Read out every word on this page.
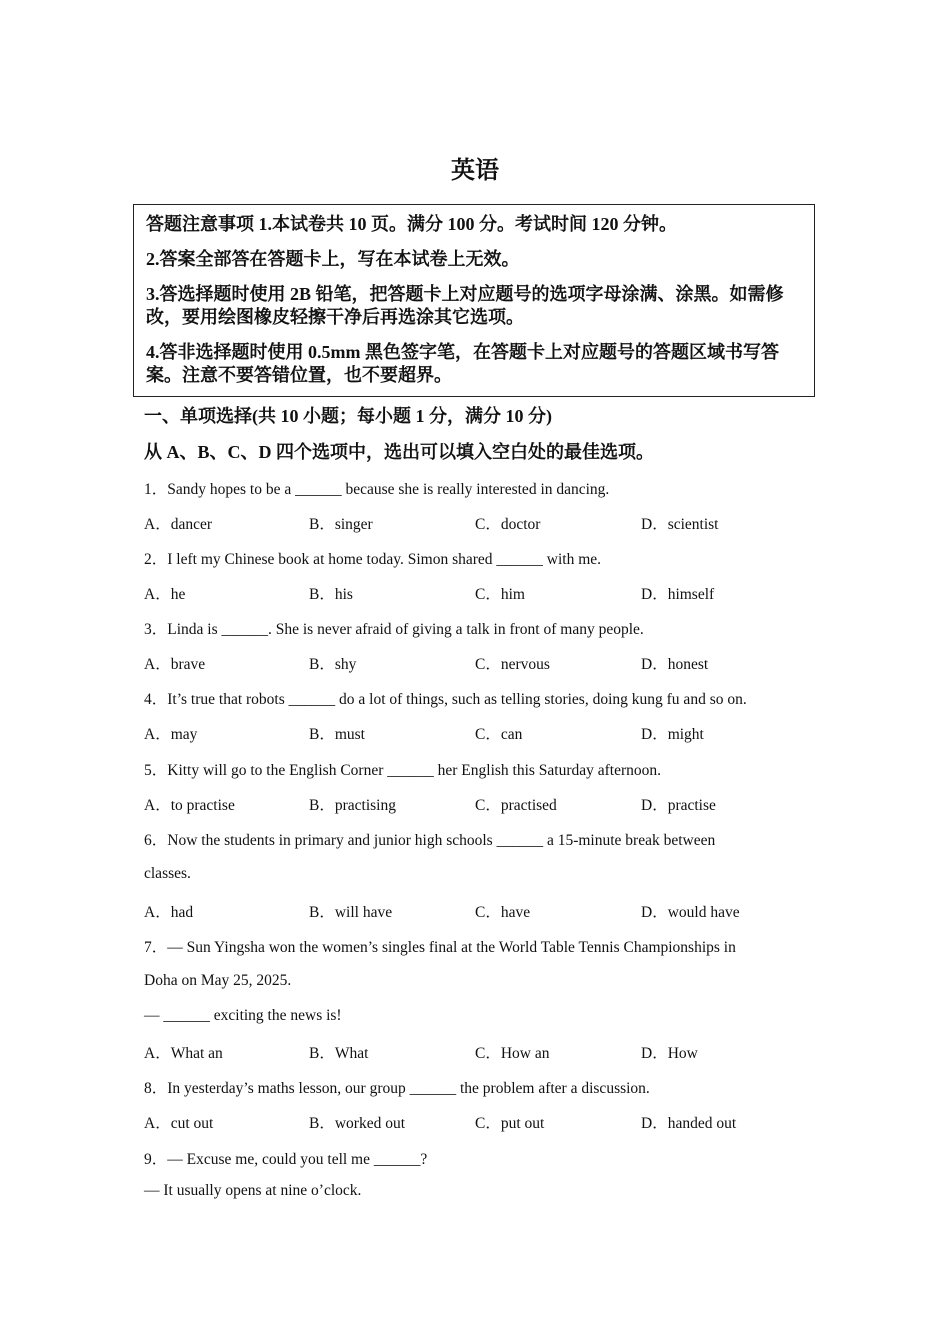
英语
答题注意事项 1.本试卷共 10 页。满分 100 分。考试时间 120 分钟。
2.答案全部答在答题卡上，写在本试卷上无效。
3.答选择题时使用 2B 铅笔，把答题卡上对应题号的选项字母涂满、涂黑。如需修改，要用绘图橡皮轻擦干净后再选涂其它选项。
4.答非选择题时使用 0.5mm 黑色签字笔，在答题卡上对应题号的答题区域书写答案。注意不要答错位置，也不要超界。
一、单项选择(共 10 小题；每小题 1 分，满分 10 分)
从 A、B、C、D 四个选项中，选出可以填入空白处的最佳选项。
1．Sandy hopes to be a ______ because she is really interested in dancing.
A．dancer	B．singer	C．doctor	D．scientist
2．I left my Chinese book at home today. Simon shared ______ with me.
A．he	B．his	C．him	D．himself
3．Linda is ______. She is never afraid of giving a talk in front of many people.
A．brave	B．shy	C．nervous	D．honest
4．It’s true that robots ______ do a lot of things, such as telling stories, doing kung fu and so on.
A．may	B．must	C．can	D．might
5．Kitty will go to the English Corner ______ her English this Saturday afternoon.
A．to practise	B．practising	C．practised	D．practise
6．Now the students in primary and junior high schools ______ a 15-minute break between
classes.
A．had	B．will have	C．have	D．would have
7．— Sun Yingsha won the women’s singles final at the World Table Tennis Championships in
Doha on May 25, 2025.
— ______ exciting the news is!
A．What an	B．What	C．How an	D．How
8．In yesterday’s maths lesson, our group ______ the problem after a discussion.
A．cut out	B．worked out	C．put out	D．handed out
9．— Excuse me, could you tell me ______?
— It usually opens at nine o’clock.
